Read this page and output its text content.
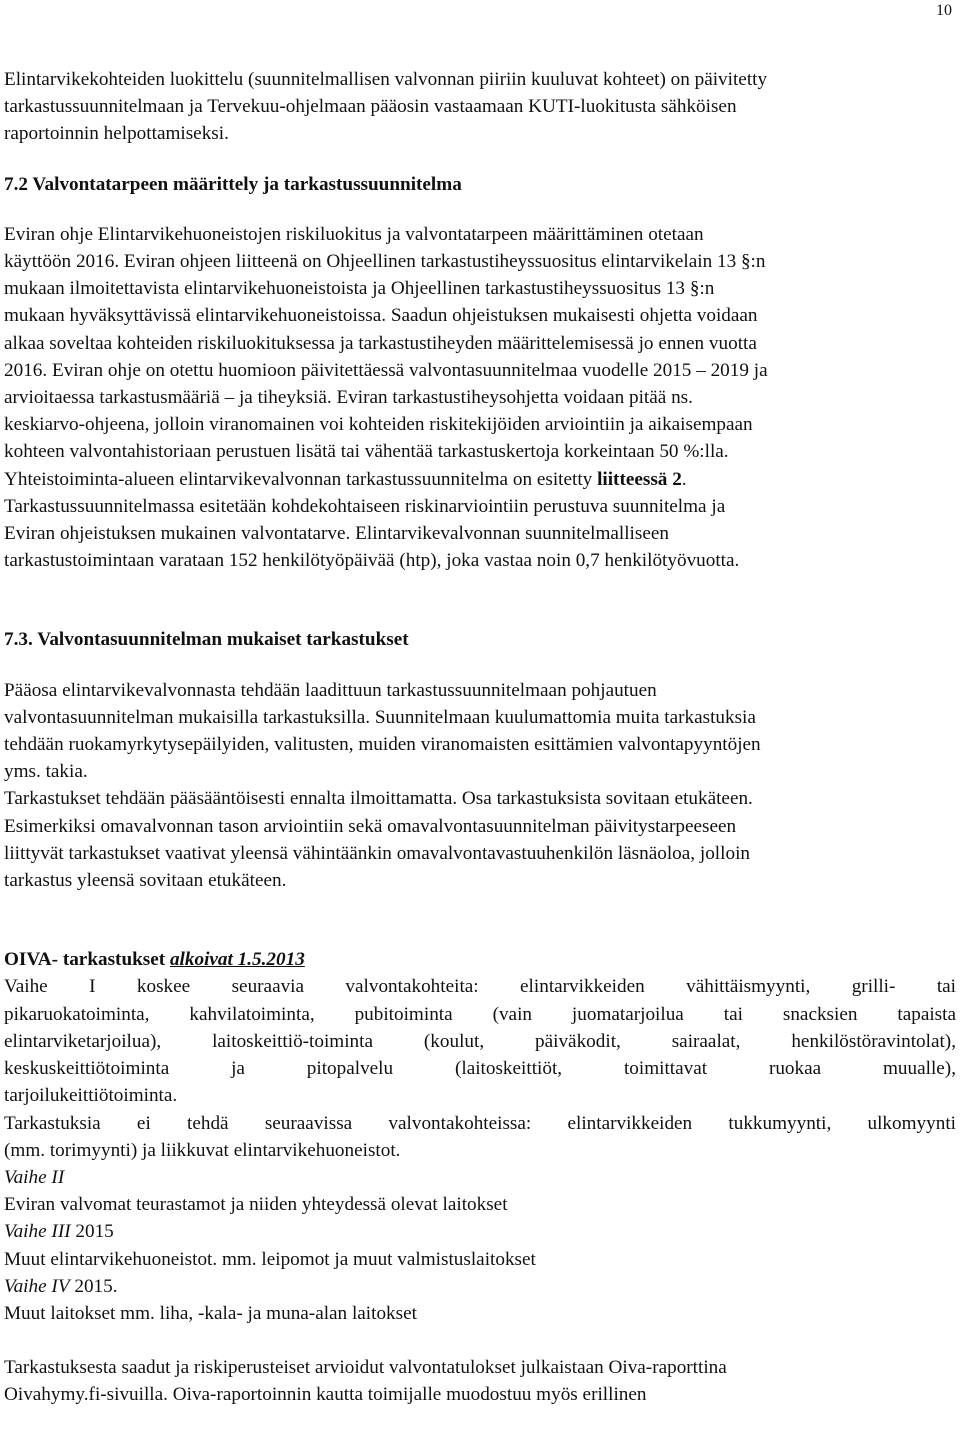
10

Elintarvikekohteiden luokittelu (suunnitelmallisen valvonnan piiriin kuuluvat kohteet) on päivitetty
tarkastussuunnitelmaan ja Tervekuu-ohjelmaan pääosin vastaamaan KUTI-luokitusta sähköisen
raportoinnin helpottamiseksi.

7.2 Valvontatarpeen määrittely ja tarkastussuunnitelma

Eviran ohje Elintarvikehuoneistojen riskiluokitus ja valvontatarpeen määrittäminen otetaan
käyttöön 2016. Eviran ohjeen liitteenä on Ohjeellinen tarkastustiheyssuositus elintarvikelain 13 §:n
mukaan ilmoitettavista elintarvikehuoneistoista ja Ohjeellinen tarkastustiheyssuositus 13 §:n
mukaan hyväksyttävissä elintarvikehuoneistoissa. Saadun ohjeistuksen mukaisesti ohjetta voidaan
alkaa soveltaa kohteiden riskiluokituksessa ja tarkastustiheyden määrittelemisessä jo ennen vuotta
2016. Eviran ohje on otettu huomioon päivitettäessä valvontasuunnitelmaa vuodelle 2015 – 2019 ja
arvioitaessa tarkastusmääriä – ja tiheyksiä. Eviran tarkastustiheysohjetta voidaan pitää ns.
keskiarvo-ohjeena, jolloin viranomainen voi kohteiden riskitekijöiden arviointiin ja aikaisempaan
kohteen valvontahistoriaan perustuen lisätä tai vähentää tarkastuskertoja korkeintaan 50 %:lla.
Yhteistoiminta-alueen elintarvikevalvonnan tarkastussuunnitelma on esitetty liitteessä 2.
Tarkastussuunnitelmassa esitetään kohdekohtaiseen riskinarviointiin perustuva suunnitelma ja
Eviran ohjeistuksen mukainen valvontatarve. Elintarvikevalvonnan suunnitelmalliseen
tarkastustoimintaan varataan 152 henkilötyöpäivää (htp), joka vastaa noin 0,7 henkilötyövuotta.

7.3. Valvontasuunnitelman mukaiset tarkastukset

Pääosa elintarvikevalvonnasta tehdään laadittuun tarkastussuunnitelmaan pohjautuen
valvontasuunnitelman mukaisilla tarkastuksilla. Suunnitelmaan kuulumattomia muita tarkastuksia
tehdään ruokamyrkytysepäilyiden, valitusten, muiden viranomaisten esittämien valvontapyyntöjen
yms. takia.
Tarkastukset tehdään pääsääntöisesti ennalta ilmoittamatta. Osa tarkastuksista sovitaan etukäteen.
Esimerkiksi omavalvonnan tason arviointiin sekä omavalvontasuunnitelman päivitystarpeeseen
liittyvät tarkastukset vaativat yleensä vähintäänkin omavalvontavastuuhenkilön läsnäoloa, jolloin
tarkastus yleensä sovitaan etukäteen.

OIVA- tarkastukset alkoivat 1.5.2013

Vaihe I koskee seuraavia valvontakohteita: elintarvikkeiden vähittäismyynti, grilli- tai
pikaruokatoiminta, kahvilatoiminta, pubitoiminta (vain juomatarjoilua tai snacksien tapaista
elintarviketarjoilua), laitoskeittiö-toiminta (koulut, päiväkodit, sairaalat, henkilöstöravintolat),
keskuskeittiötoiminta ja pitopalvelu (laitoskeittiöt, toimittavat ruokaa muualle),
tarjoilukeittiötoiminta.

Tarkastuksia ei tehdä seuraavissa valvontakohteissa: elintarvikkeiden tukkumyynti, ulkomyynti
(mm. torimyynti) ja liikkuvat elintarvikehuoneistot.

Vaihe II
Eviran valvomat teurastamot ja niiden yhteydessä olevat laitokset
Vaihe III 2015
Muut elintarvikehuoneistot. mm. leipomot ja muut valmistuslaitokset
Vaihe IV 2015.
Muut laitokset mm. liha, -kala- ja muna-alan laitokset

Tarkastuksesta saadut ja riskiperusteiset arvioidut valvontatulokset julkaistaan Oiva-raporttina
Oivahymy.fi-sivuilla. Oiva-raportoinnin kautta toimijalle muodostuu myös erillinen
